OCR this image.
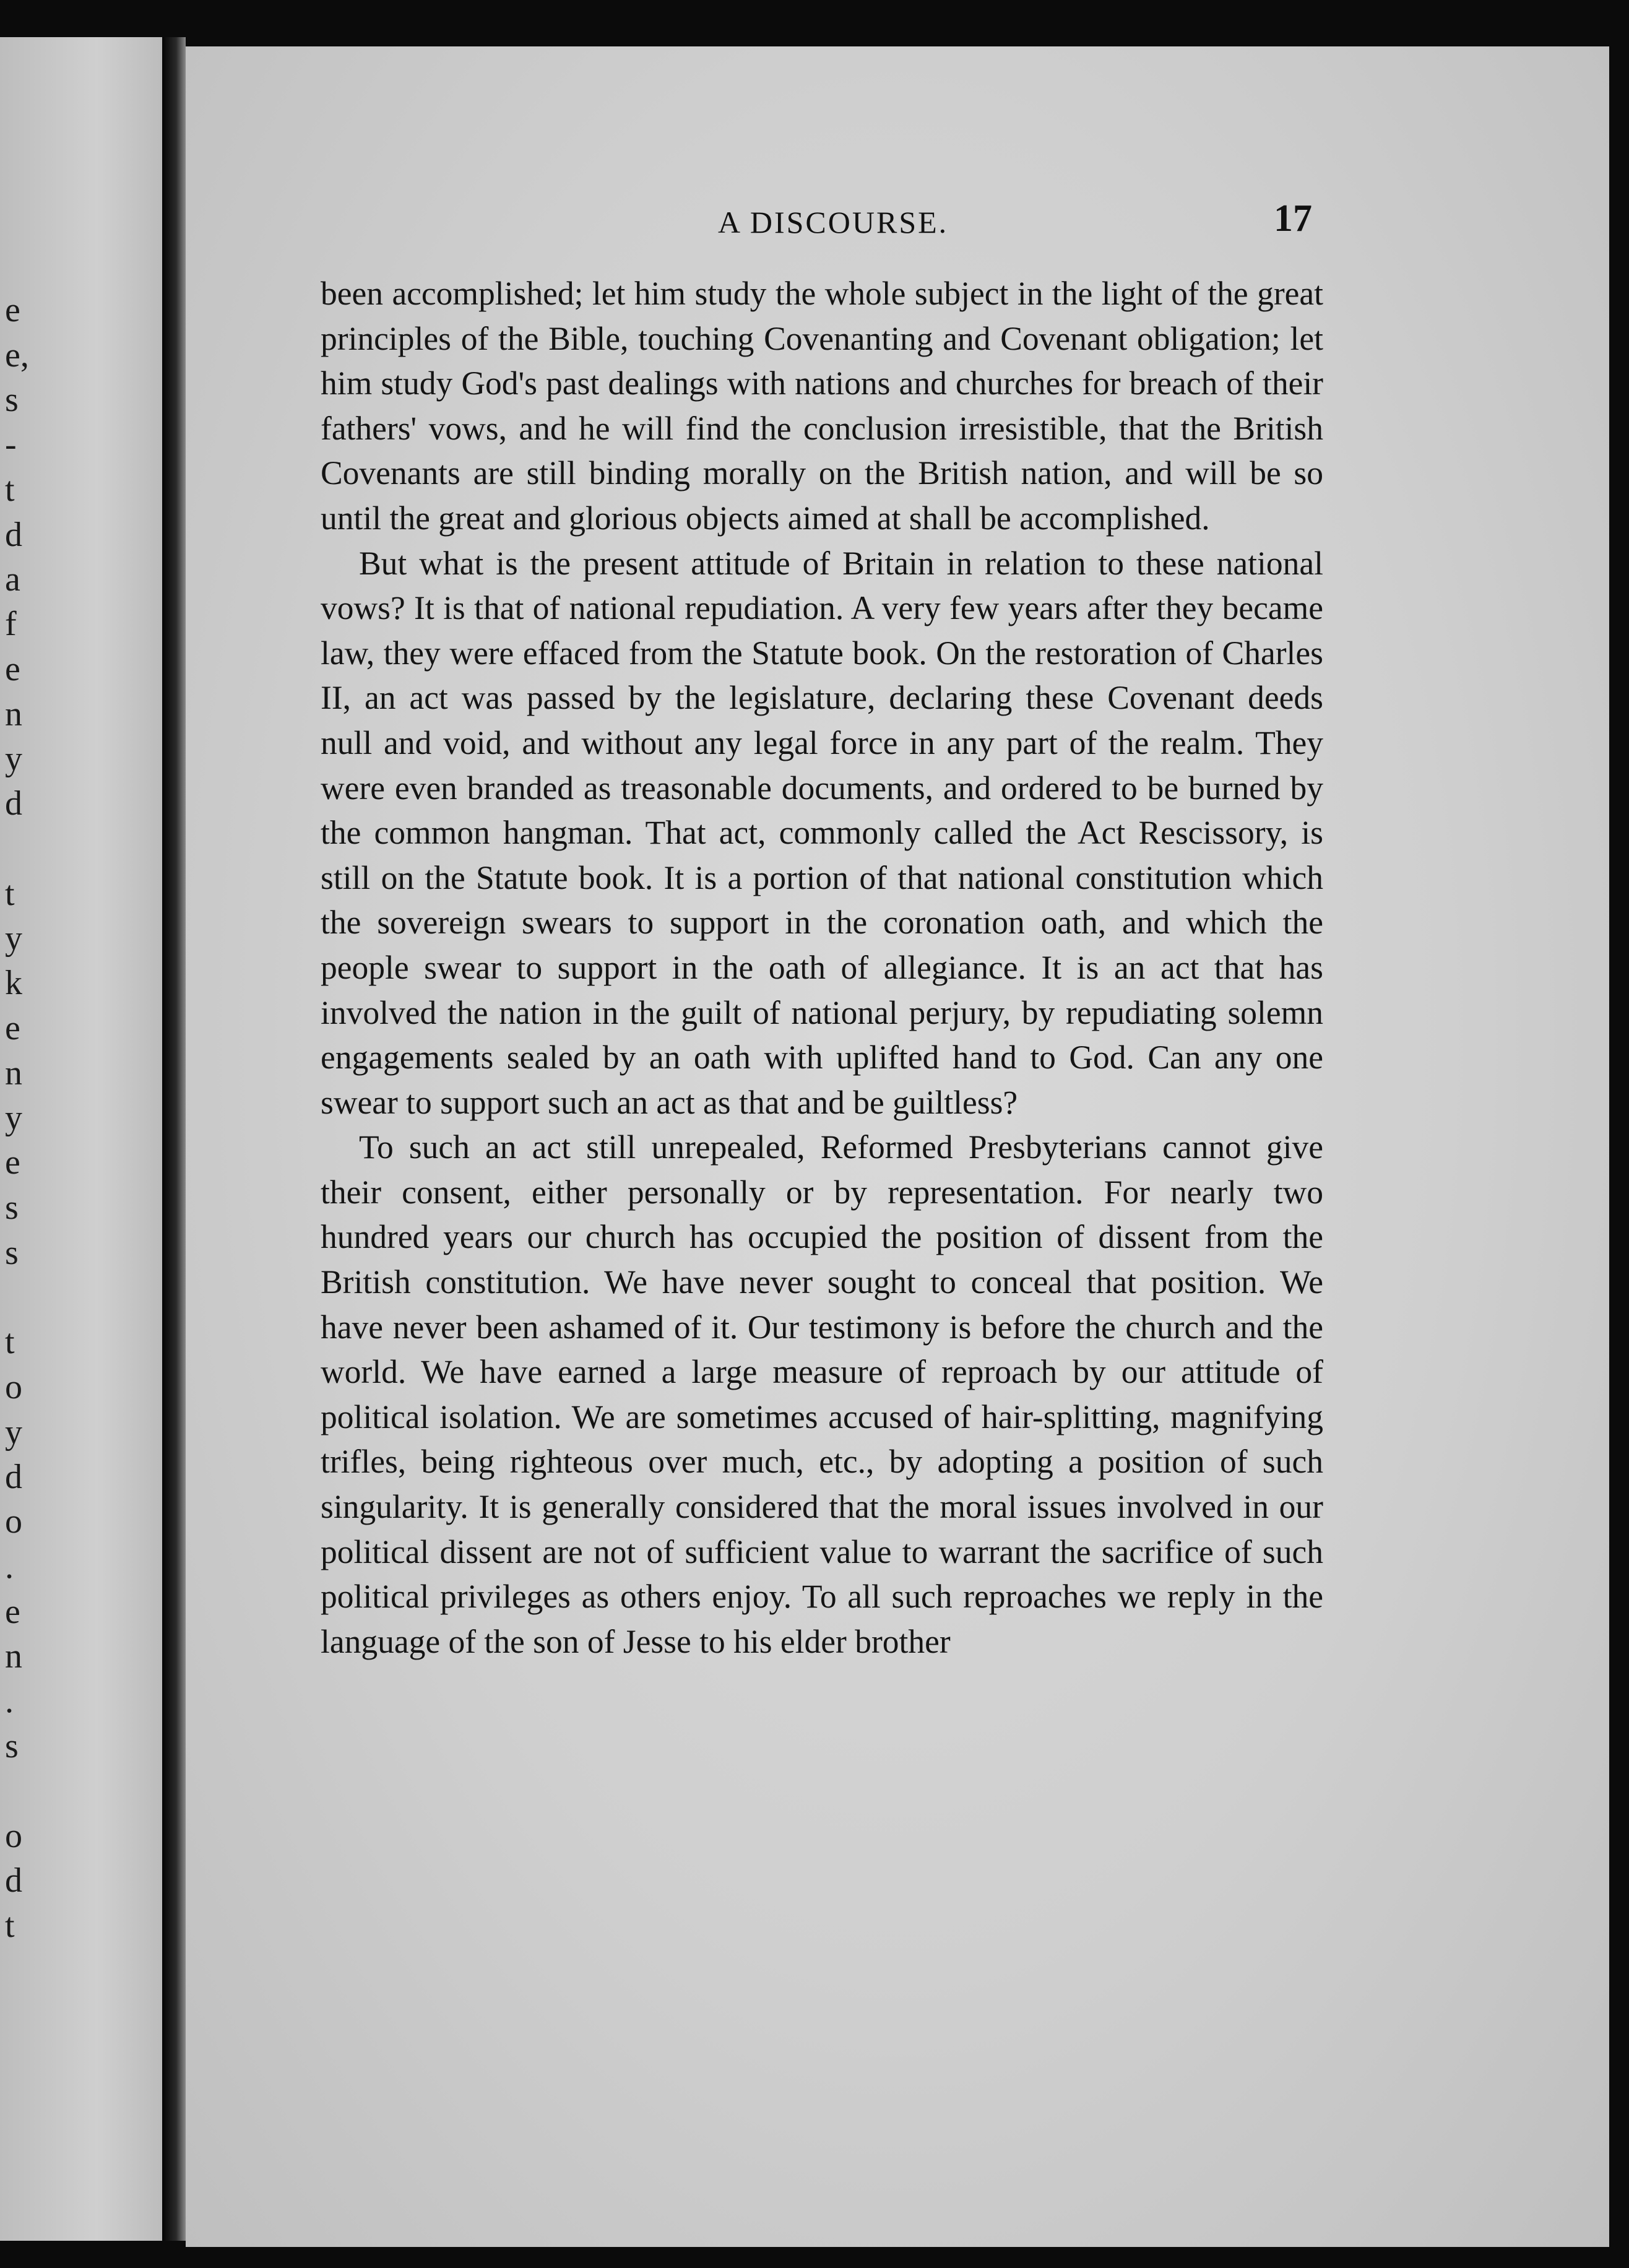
e
e,
s
-
t
d
a
f
e
n
y
d
t
y
k
e
n
y
e
s
s
t
o
y
d
o
.
e
n
.
s
o
d
t
A DISCOURSE.	17

been accomplished; let him study the whole subject in the light of the great principles of the Bible, touching Covenanting and Covenant obligation; let him study God's past dealings with nations and churches for breach of their fathers' vows, and he will find the conclusion irresistible, that the British Covenants are still binding morally on the British nation, and will be so until the great and glorious objects aimed at shall be accomplished.

But what is the present attitude of Britain in relation to these national vows? It is that of national repudiation. A very few years after they became law, they were effaced from the Statute book. On the restoration of Charles II, an act was passed by the legislature, declaring these Covenant deeds null and void, and without any legal force in any part of the realm. They were even branded as treasonable documents, and ordered to be burned by the common hangman. That act, commonly called the Act Rescissory, is still on the Statute book. It is a portion of that national constitution which the sovereign swears to support in the coronation oath, and which the people swear to support in the oath of allegiance. It is an act that has involved the nation in the guilt of national perjury, by repudiating solemn engagements sealed by an oath with uplifted hand to God. Can any one swear to support such an act as that and be guiltless?

To such an act still unrepealed, Reformed Presbyterians cannot give their consent, either personally or by representation. For nearly two hundred years our church has occupied the position of dissent from the British constitution. We have never sought to conceal that position. We have never been ashamed of it. Our testimony is before the church and the world. We have earned a large measure of reproach by our attitude of political isolation. We are sometimes accused of hair-splitting, magnifying trifles, being righteous over much, etc., by adopting a position of such singularity. It is generally considered that the moral issues involved in our political dissent are not of sufficient value to warrant the sacrifice of such political privileges as others enjoy. To all such reproaches we reply in the language of the son of Jesse to his elder brother
